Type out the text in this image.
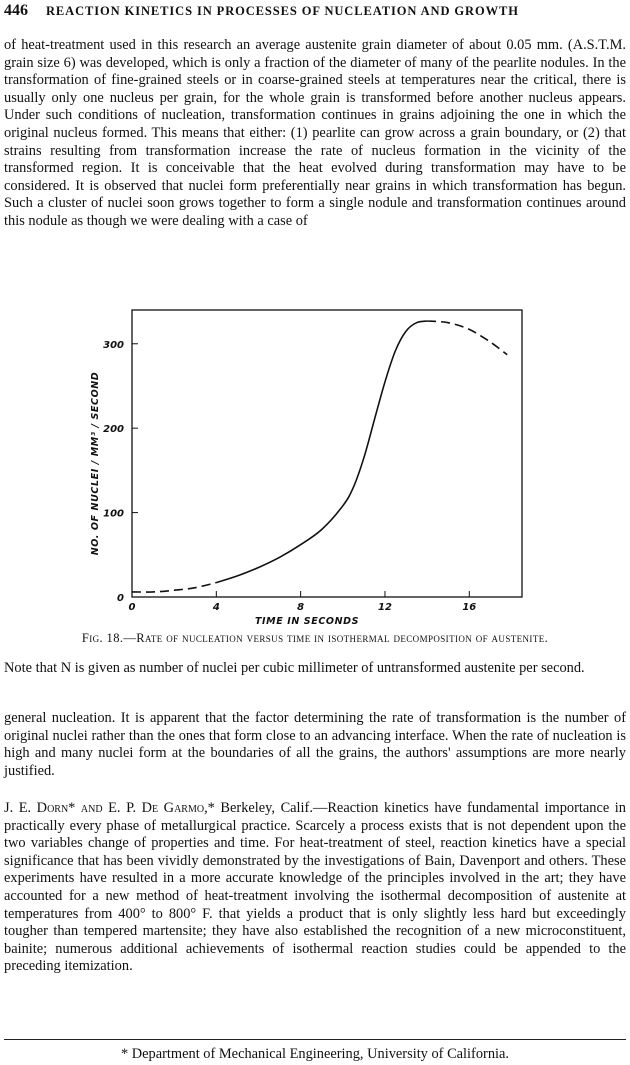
446 REACTION KINETICS IN PROCESSES OF NUCLEATION AND GROWTH

of heat-treatment used in this research an average austenite grain diameter of about 0.05 mm. (A.S.T.M. grain size 6) was developed, which is only a fraction of the diameter of many of the pearlite nodules. In the transformation of fine-grained steels or in coarse-grained steels at temperatures near the critical, there is usually only one nucleus per grain, for the whole grain is transformed before another nucleus appears. Under such conditions of nucleation, transformation continues in grains adjoining the one in which the original nucleus formed. This means that either: (1) pearlite can grow across a grain boundary, or (2) that strains resulting from transformation increase the rate of nucleus formation in the vicinity of the transformed region. It is conceivable that the heat evolved during transformation may have to be considered. It is observed that nuclei form preferentially near grains in which transformation has begun. Such a cluster of nuclei soon grows together to form a single nodule and transformation continues around this nodule as though we were dealing with a case of

0
100
200
300
0	4	8	12	16
TIME IN SECONDS
NO. OF NUCLEI / MM³ / SECOND

Fig. 18.—Rate of nucleation versus time in isothermal decomposition of austenite.

Note that N is given as number of nuclei per cubic millimeter of untransformed austenite per second.

general nucleation. It is apparent that the factor determining the rate of transformation is the number of original nuclei rather than the ones that form close to an advancing interface. When the rate of nucleation is high and many nuclei form at the boundaries of all the grains, the authors' assumptions are more nearly justified.

J. E. Dorn* and E. P. De Garmo,* Berkeley, Calif.—Reaction kinetics have fundamental importance in practically every phase of metallurgical practice. Scarcely a process exists that is not dependent upon the two variables change of properties and time. For heat-treatment of steel, reaction kinetics have a special significance that has been vividly demonstrated by the investigations of Bain, Davenport and others. These experiments have resulted in a more accurate knowledge of the principles involved in the art; they have accounted for a new method of heat-treatment involving the isothermal decomposition of austenite at temperatures from 400° to 800° F. that yields a product that is only slightly less hard but exceedingly tougher than tempered martensite; they have also established the recognition of a new microconstituent, bainite; numerous additional achievements of isothermal reaction studies could be appended to the preceding itemization.

* Department of Mechanical Engineering, University of California.
